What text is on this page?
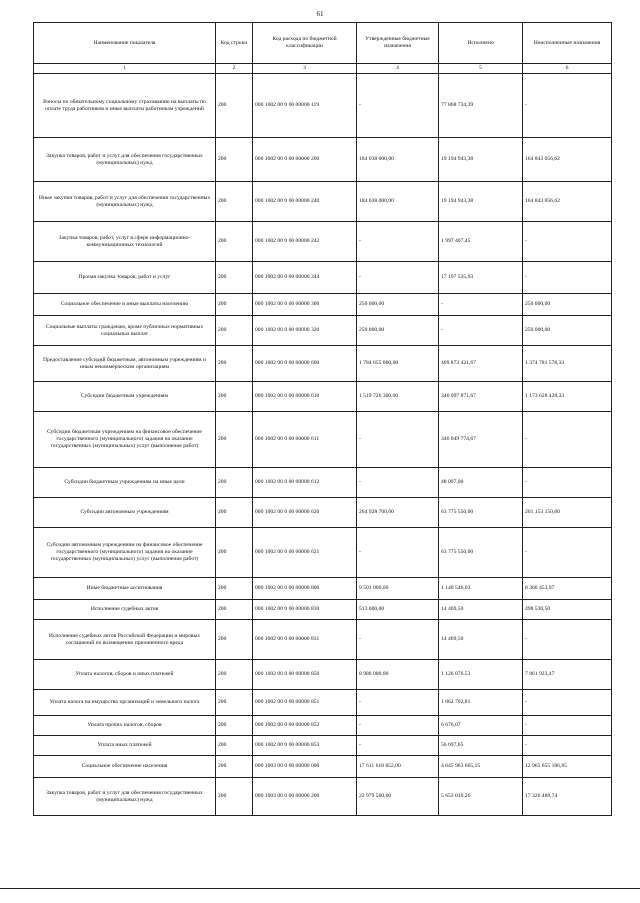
61
Наименование показателя	Код строки	Код расхода по бюджетной классификации	Утвержденные бюджетные назначения	Исполнено	Неисполненные назначения
1	2	3	4	5	6
Взносы по обязательному социальному страхованию на выплаты по оплате труда работников и иные выплаты работникам учреждений	200	000 1002 00 0 00 00000 119	-	77 868 734,39	-
Закупка товаров, работ и услуг для обеспечения государственных (муниципальных) нужд	200	000 1002 00 0 00 00000 200	184 038 000,00	19 194 943,38	164 843 056,62
Иные закупки товаров, работ и услуг для обеспечения государственных (муниципальных) нужд	200	000 1002 00 0 00 00000 240	184 038 000,00	19 194 943,38	164 843 056,62
Закупка товаров, работ, услуг в сфере информационно-коммуникационных технологий	200	000 1002 00 0 00 00000 242	-	1 997 407,45	-
Прочая закупка товаров, работ и услуг	200	000 1002 00 0 00 00000 244	-	17 197 535,93	-
Социальное обеспечение и иные выплаты населению	200	000 1002 00 0 00 00000 300	250 000,00	-	250 000,00
Социальные выплаты гражданам, кроме публичных нормативных социальных выплат	200	000 1002 00 0 00 00000 320	250 000,00	-	250 000,00
Предоставление субсидий бюджетным, автономным учреждениям и иным некоммерческим организациям	200	000 1002 00 0 00 00000 600	1 784 655 000,00	409 873 421,67	1 374 781 578,33
Субсидии бюджетным учреждениям	200	000 1002 00 0 00 00000 610	1 519 726 300,00	346 097 871,67	1 173 628 428,33
Субсидии бюджетным учреждениям на финансовое обеспечение государственного (муниципального) задания на оказание государственных (муниципальных) услуг (выполнение работ)	200	000 1002 00 0 00 00000 611	-	346 049 774,67	-
Субсидии бюджетным учреждениям на иные цели	200	000 1002 00 0 00 00000 612	-	48 097,00	-
Субсидии автономным учреждениям	200	000 1002 00 0 00 00000 620	264 928 700,00	63 775 550,00	201 153 150,00
Субсидии автономным учреждениям на финансовое обеспечение государственного (муниципального) задания на оказание государственных (муниципальных) услуг (выполнение работ)	200	000 1002 00 0 00 00000 621	-	63 775 550,00	-
Иные бюджетные ассигнования	200	000 1002 00 0 00 00000 800	9 501 000,00	1 140 546,03	8 360 453,97
Исполнение судебных актов	200	000 1002 00 0 00 00000 830	513 000,00	14 469,50	498 530,50
Исполнение судебных актов Российской Федерации и мировых соглашений по возмещению причиненного вреда	200	000 1002 00 0 00 00000 831	-	14 469,50	-
Уплата налогов, сборов и иных платежей	200	000 1002 00 0 00 00000 850	8 988 000,00	1 126 076,53	7 861 923,47
Уплата налога на имущество организаций и земельного налога	200	000 1002 00 0 00 00000 851	-	1 062 702,81	-
Уплата прочих налогов, сборов	200	000 1002 00 0 00 00000 852	-	6 676,07	-
Уплата иных платежей	200	000 1002 00 0 00 00000 853	-	56 697,65	-
Социальное обеспечение населения	200	000 1003 00 0 00 00000 000	17 611 618 852,00	4 645 963 665,15	12 965 655 186,85
Закупка товаров, работ и услуг для обеспечения государственных (муниципальных) нужд	200	000 1003 00 0 00 00000 200	22 979 500,00	5 653 010,26	17 326 489,74
